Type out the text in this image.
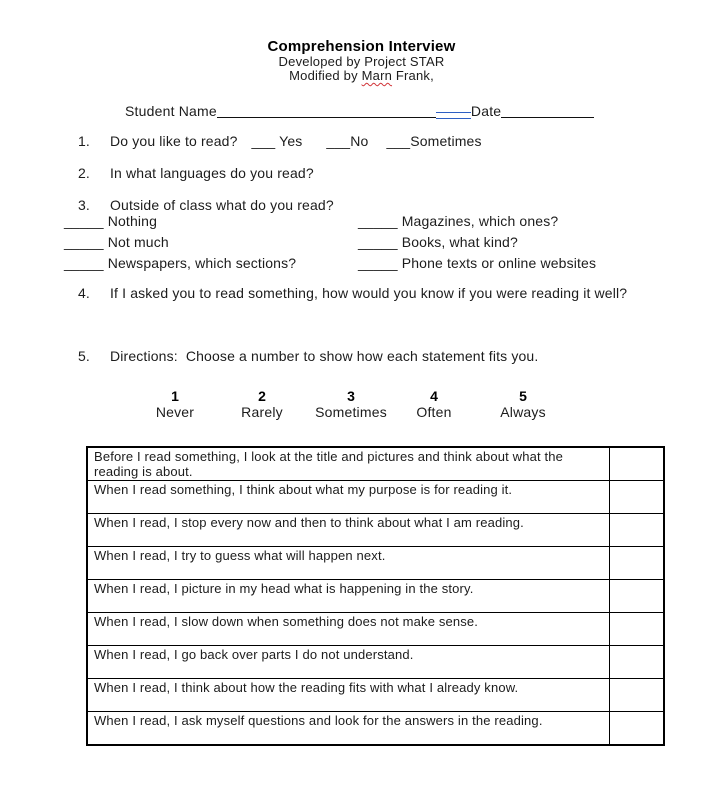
Comprehension Interview
Developed by Project STAR
Modified by Marn Frank,
Student Name	Date
1. Do you like to read? ___ Yes ___No ___Sometimes
2. In what languages do you read?
3. Outside of class what do you read?
_____ Nothing
_____ Not much
_____ Newspapers, which sections?
_____ Magazines, which ones?
_____ Books, what kind?
_____ Phone texts or online websites
4. If I asked you to read something, how would you know if you were reading it well?
5. Directions:  Choose a number to show how each statement fits you.
1
Never
2
Rarely
3
Sometimes
4
Often
5
Always
Before I read something, I look at the title and pictures and think about what the reading is about.	
When I read something, I think about what my purpose is for reading it.	
When I read, I stop every now and then to think about what I am reading.	
When I read, I try to guess what will happen next.	
When I read, I picture in my head what is happening in the story.	
When I read, I slow down when something does not make sense.	
When I read, I go back over parts I do not understand.	
When I read, I think about how the reading fits with what I already know.	
When I read, I ask myself questions and look for the answers in the reading.	
